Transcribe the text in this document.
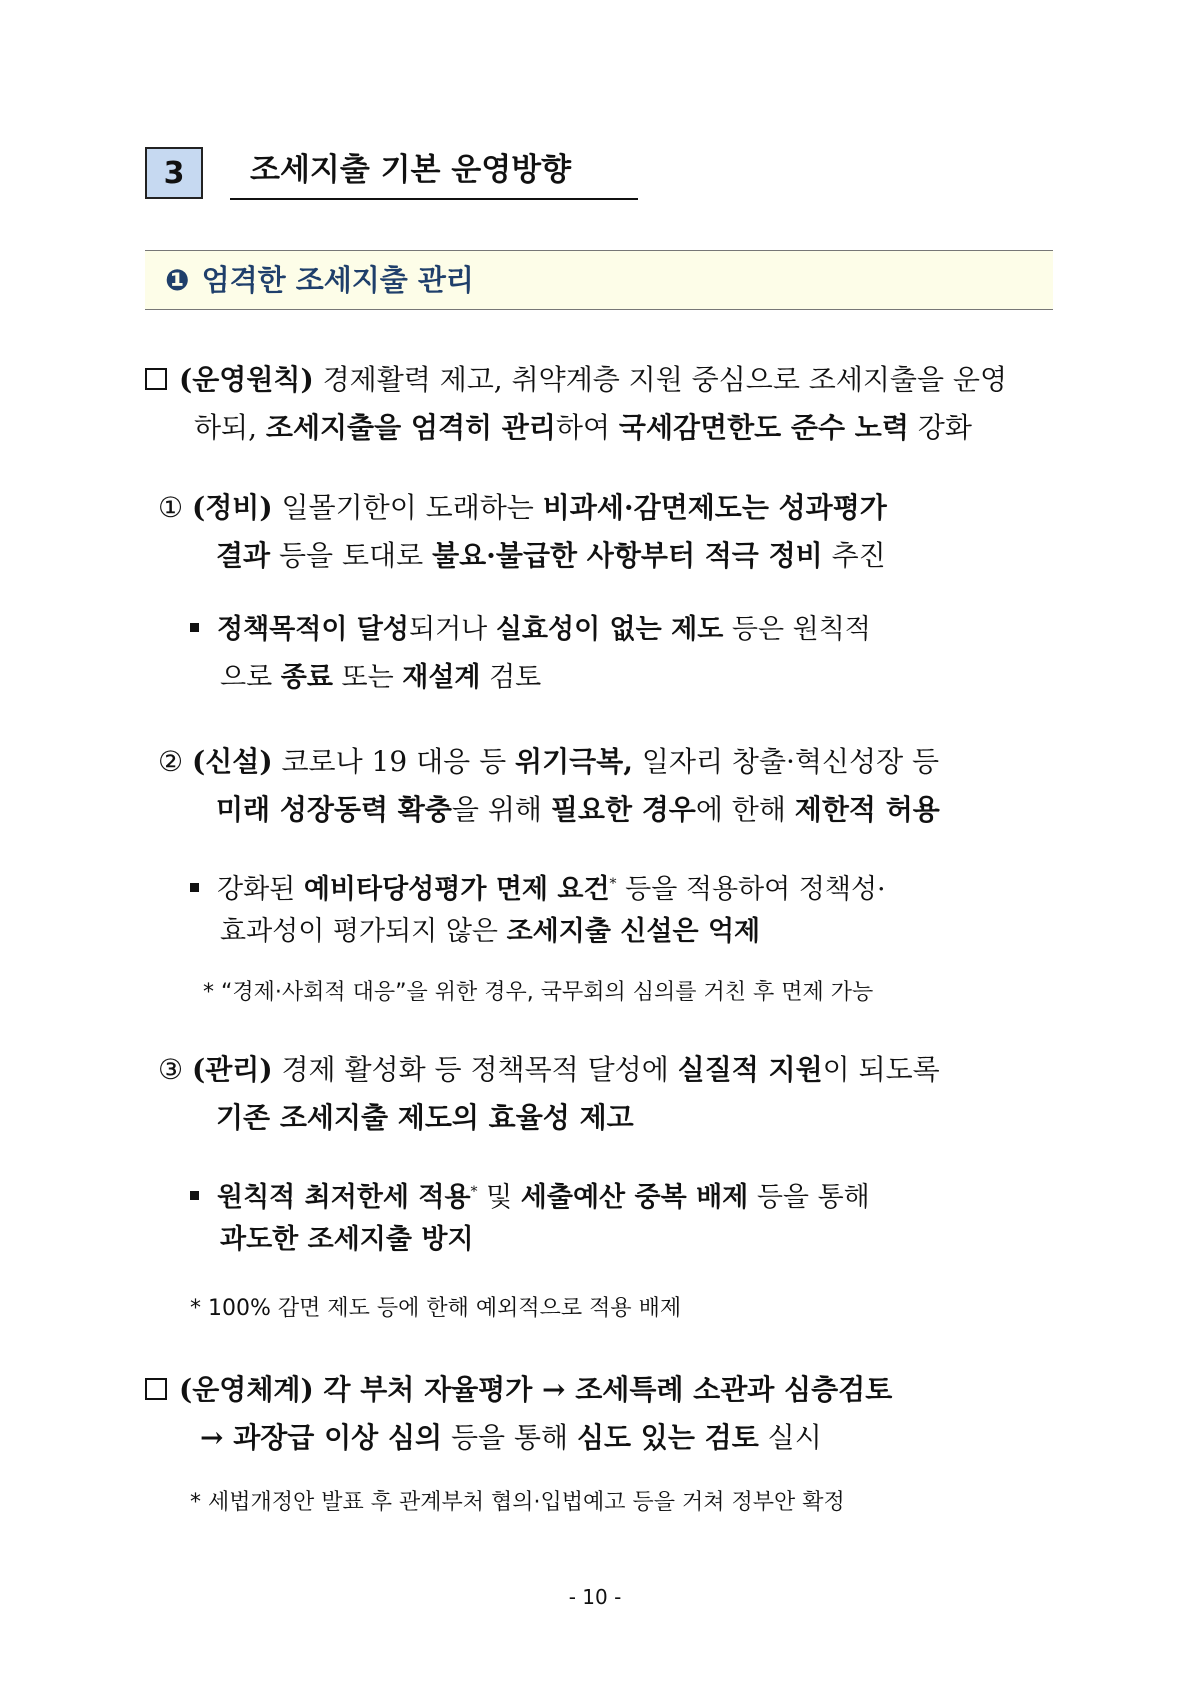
3	조세지출 기본 운영방향
❶ 엄격한 조세지출 관리
(운영원칙) 경제활력 제고, 취약계층 지원 중심으로 조세지출을 운영
하되, 조세지출을 엄격히 관리하여 국세감면한도 준수 노력 강화
① (정비) 일몰기한이 도래하는 비과세·감면제도는 성과평가
결과 등을 토대로 불요·불급한 사항부터 적극 정비 추진
정책목적이 달성되거나 실효성이 없는 제도 등은 원칙적
으로 종료 또는 재설계 검토
② (신설) 코로나 19 대응 등 위기극복, 일자리 창출·혁신성장 등
미래 성장동력 확충을 위해 필요한 경우에 한해 제한적 허용
강화된 예비타당성평가 면제 요건* 등을 적용하여 정책성·
효과성이 평가되지 않은 조세지출 신설은 억제
* “경제·사회적 대응”을 위한 경우, 국무회의 심의를 거친 후 면제 가능
③ (관리) 경제 활성화 등 정책목적 달성에 실질적 지원이 되도록
기존 조세지출 제도의 효율성 제고
원칙적 최저한세 적용* 및 세출예산 중복 배제 등을 통해
과도한 조세지출 방지
* 100% 감면 제도 등에 한해 예외적으로 적용 배제
(운영체계) 각 부처 자율평가 → 조세특례 소관과 심층검토
→ 과장급 이상 심의 등을 통해 심도 있는 검토 실시
* 세법개정안 발표 후 관계부처 협의·입법예고 등을 거쳐 정부안 확정
- 10 -
